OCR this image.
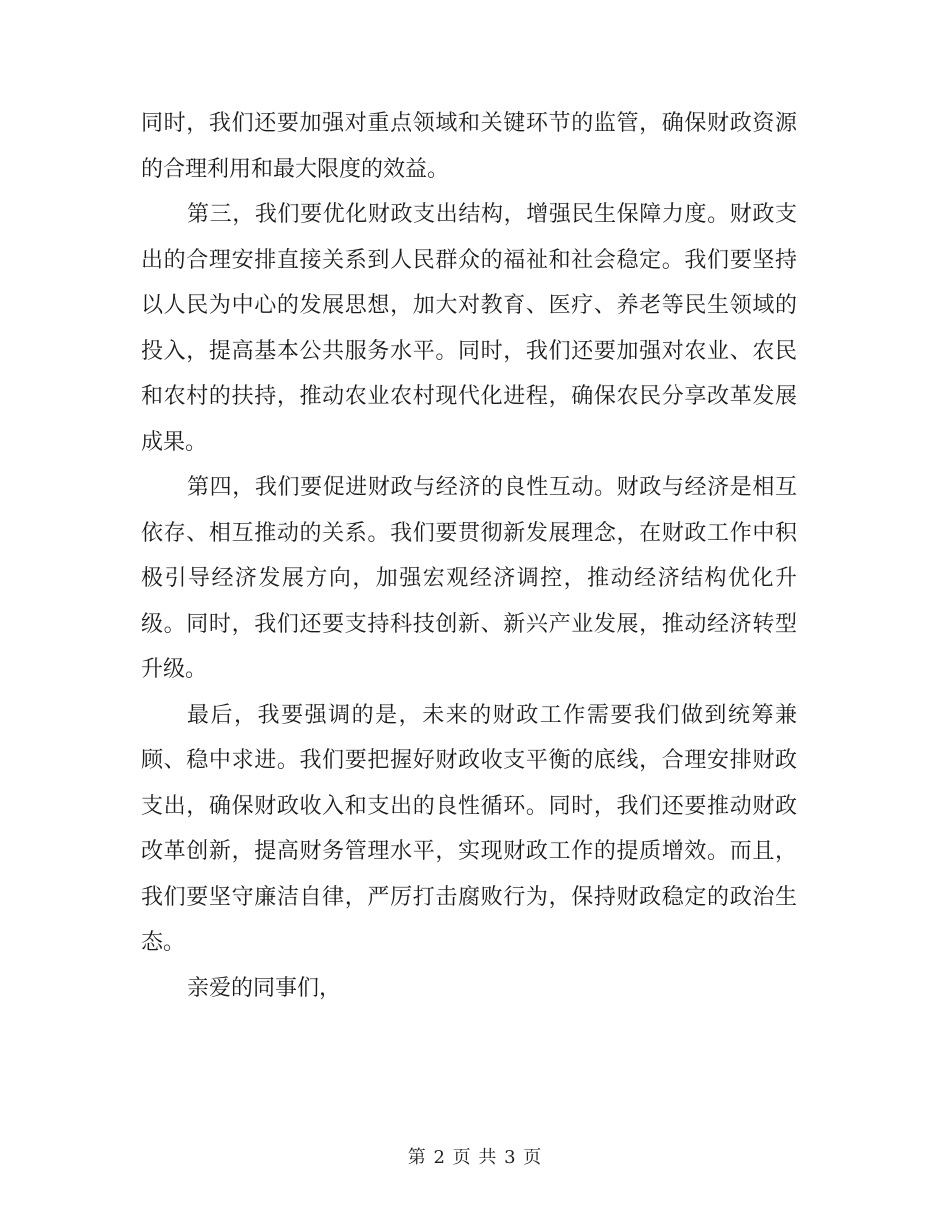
同时，我们还要加强对重点领域和关键环节的监管，确保财政资源的合理利用和最大限度的效益。

第三，我们要优化财政支出结构，增强民生保障力度。财政支出的合理安排直接关系到人民群众的福祉和社会稳定。我们要坚持以人民为中心的发展思想，加大对教育、医疗、养老等民生领域的投入，提高基本公共服务水平。同时，我们还要加强对农业、农民和农村的扶持，推动农业农村现代化进程，确保农民分享改革发展成果。

第四，我们要促进财政与经济的良性互动。财政与经济是相互依存、相互推动的关系。我们要贯彻新发展理念，在财政工作中积极引导经济发展方向，加强宏观经济调控，推动经济结构优化升级。同时，我们还要支持科技创新、新兴产业发展，推动经济转型升级。

最后，我要强调的是，未来的财政工作需要我们做到统筹兼顾、稳中求进。我们要把握好财政收支平衡的底线，合理安排财政支出，确保财政收入和支出的良性循环。同时，我们还要推动财政改革创新，提高财务管理水平，实现财政工作的提质增效。而且，我们要坚守廉洁自律，严厉打击腐败行为，保持财政稳定的政治生态。

亲爱的同事们，

第 2 页 共 3 页
